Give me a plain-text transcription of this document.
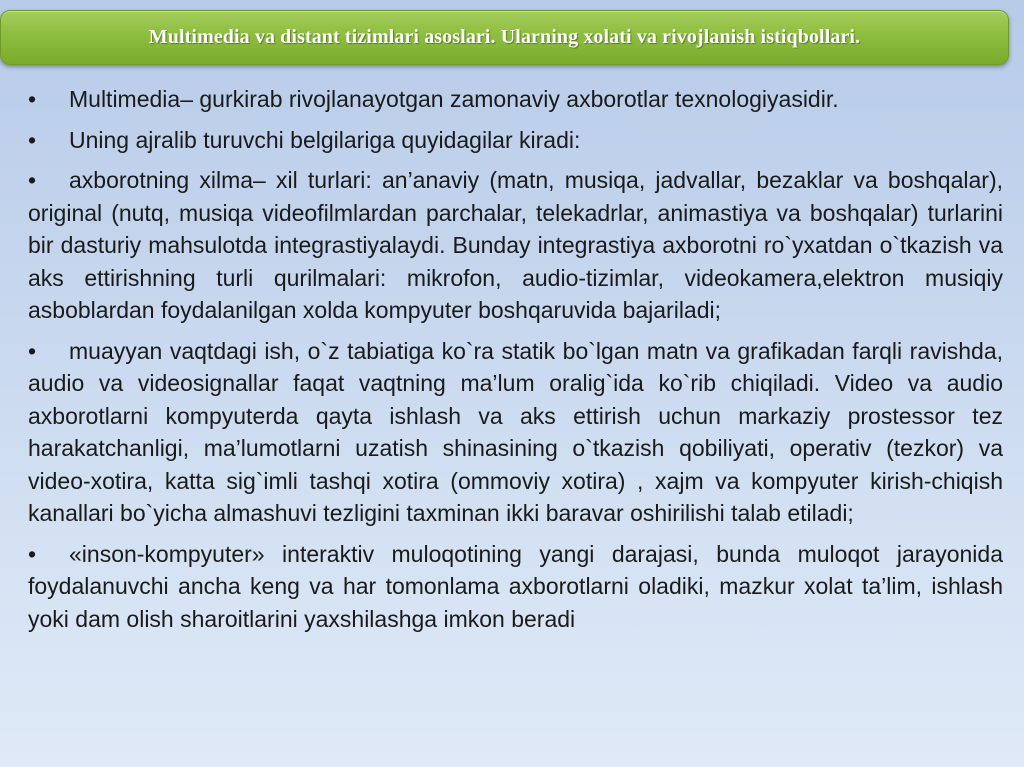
Multimedia va distant tizimlari asoslari. Ularning xolati va rivojlanish istiqbollari.

• Multimedia– gurkirab rivojlanayotgan zamonaviy axborotlar texnologiyasidir.

• Uning ajralib turuvchi belgilariga quyidagilar kiradi:

• axborotning xilma– xil turlari: an’anaviy (matn, musiqa, jadvallar, bezaklar va boshqalar), original (nutq, musiqa videofilmlardan parchalar, telekadrlar, animastiya va boshqalar) turlarini bir dasturiy mahsulotda integrastiyalaydi. Bunday integrastiya axborotni ro`yxatdan o`tkazish va aks ettirishning turli qurilmalari: mikrofon, audio-tizimlar, videokamera,elektron musiqiy asboblardan foydalanilgan xolda kompyuter boshqaruvida bajariladi;

• muayyan vaqtdagi ish, o`z tabiatiga ko`ra statik bo`lgan matn va grafikadan farqli ravishda, audio va videosignallar faqat vaqtning ma’lum oralig`ida ko`rib chiqiladi. Video va audio axborotlarni kompyuterda qayta ishlash va aks ettirish uchun markaziy prostessor tez harakatchanligi, ma’lumotlarni uzatish shinasining o`tkazish qobiliyati, operativ (tezkor) va video-xotira, katta sig`imli tashqi xotira (ommoviy xotira) , xajm va kompyuter kirish-chiqish kanallari bo`yicha almashuvi tezligini taxminan ikki baravar oshirilishi talab etiladi;

• «inson-kompyuter» interaktiv muloqotining yangi darajasi, bunda muloqot jarayonida foydalanuvchi ancha keng va har tomonlama axborotlarni oladiki, mazkur xolat ta’lim, ishlash yoki dam olish sharoitlarini yaxshilashga imkon beradi
